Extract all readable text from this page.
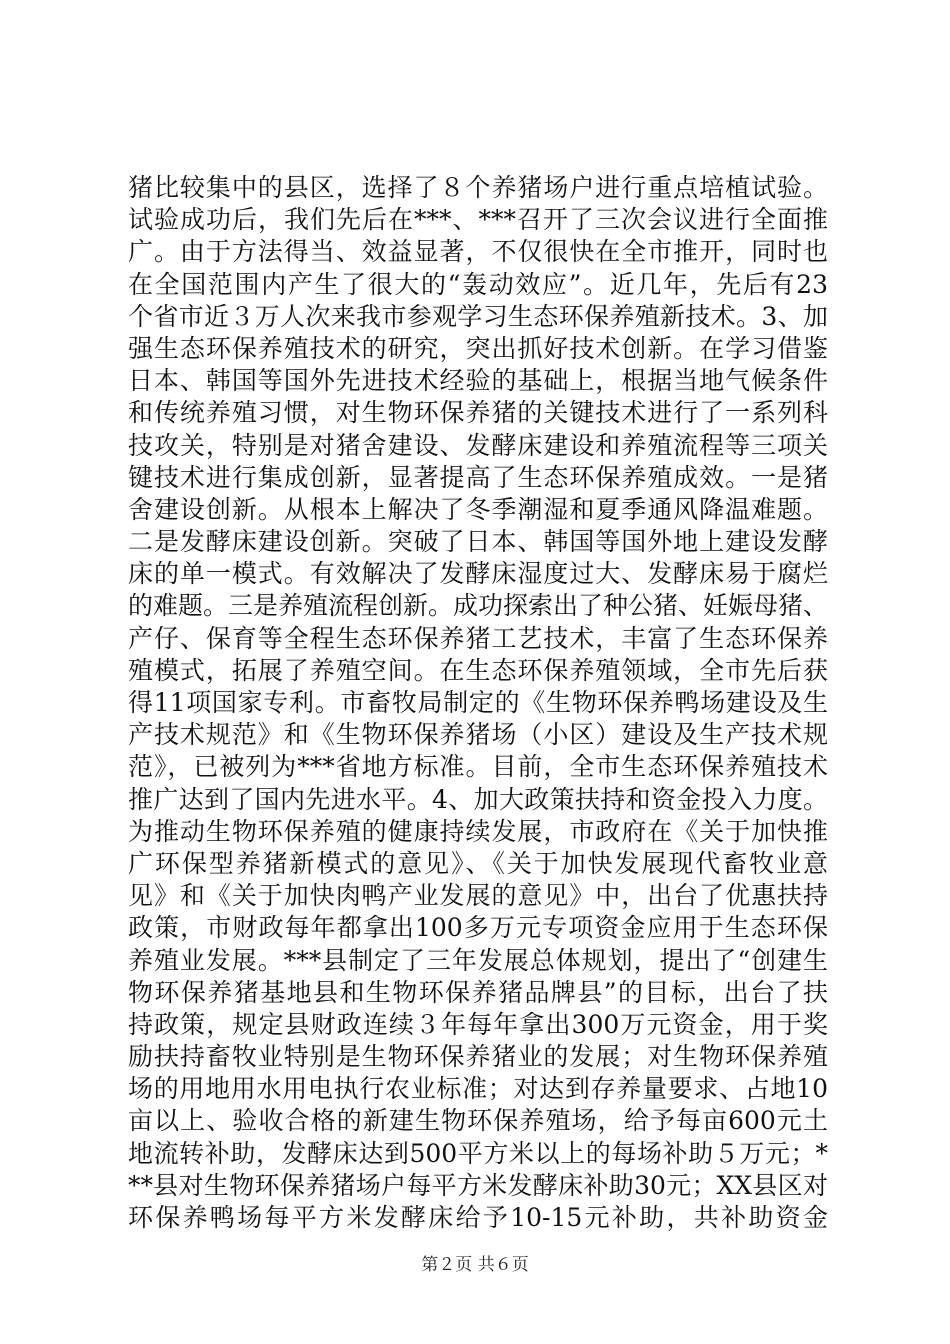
猪比较集中的县区，选择了８个养猪场户进行重点培植试验。
试验成功后，我们先后在***、***召开了三次会议进行全面推
广。由于方法得当、效益显著，不仅很快在全市推开，同时也
在全国范围内产生了很大的“轰动效应”。近几年，先后有23
个省市近３万人次来我市参观学习生态环保养殖新技术。3、加
强生态环保养殖技术的研究，突出抓好技术创新。在学习借鉴
日本、韩国等国外先进技术经验的基础上，根据当地气候条件
和传统养殖习惯，对生物环保养猪的关键技术进行了一系列科
技攻关，特别是对猪舍建设、发酵床建设和养殖流程等三项关
键技术进行集成创新，显著提高了生态环保养殖成效。一是猪
舍建设创新。从根本上解决了冬季潮湿和夏季通风降温难题。
二是发酵床建设创新。突破了日本、韩国等国外地上建设发酵
床的单一模式。有效解决了发酵床湿度过大、发酵床易于腐烂
的难题。三是养殖流程创新。成功探索出了种公猪、妊娠母猪、
产仔、保育等全程生态环保养猪工艺技术，丰富了生态环保养
殖模式，拓展了养殖空间。在生态环保养殖领域，全市先后获
得11项国家专利。市畜牧局制定的《生物环保养鸭场建设及生
产技术规范》和《生物环保养猪场（小区）建设及生产技术规
范》，已被列为***省地方标准。目前，全市生态环保养殖技术
推广达到了国内先进水平。4、加大政策扶持和资金投入力度。
为推动生物环保养殖的健康持续发展，市政府在《关于加快推
广环保型养猪新模式的意见》、《关于加快发展现代畜牧业意
见》和《关于加快肉鸭产业发展的意见》中，出台了优惠扶持
政策，市财政每年都拿出100多万元专项资金应用于生态环保
养殖业发展。***县制定了三年发展总体规划，提出了“创建生
物环保养猪基地县和生物环保养猪品牌县”的目标，出台了扶
持政策，规定县财政连续３年每年拿出300万元资金，用于奖
励扶持畜牧业特别是生物环保养猪业的发展；对生物环保养殖
场的用地用水用电执行农业标准；对达到存养量要求、占地10
亩以上、验收合格的新建生物环保养殖场，给予每亩600元土
地流转补助，发酵床达到500平方米以上的每场补助５万元；*
**县对生物环保养猪场户每平方米发酵床补助30元；XX县区对
环保养鸭场每平方米发酵床给予10-15元补助，共补助资金
第２页 共６页
